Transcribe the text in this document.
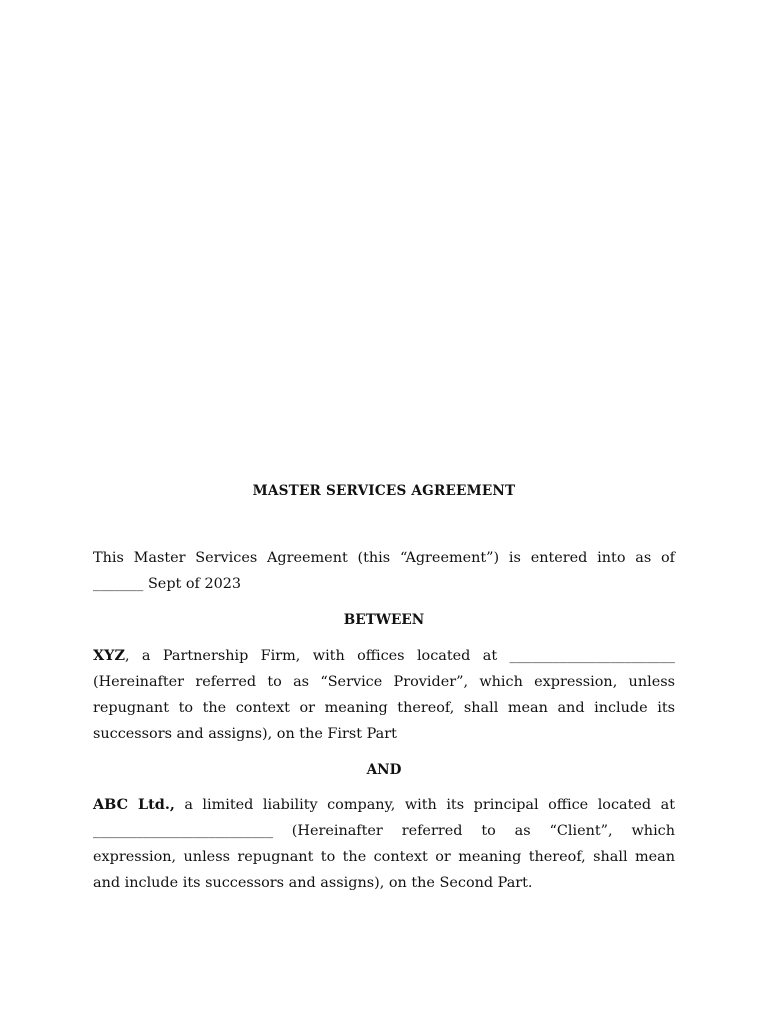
MASTER SERVICES AGREEMENT

This Master Services Agreement (this “Agreement”) is entered into as of _______ Sept of 2023

BETWEEN

XYZ, a Partnership Firm, with offices located at _______________________ (Hereinafter referred to as “Service Provider”, which expression, unless repugnant to the context or meaning thereof, shall mean and include its successors and assigns), on the First Part

AND

ABC Ltd., a limited liability company, with its principal office located at _________________________ (Hereinafter referred to as “Client”, which expression, unless repugnant to the context or meaning thereof, shall mean and include its successors and assigns), on the Second Part.
